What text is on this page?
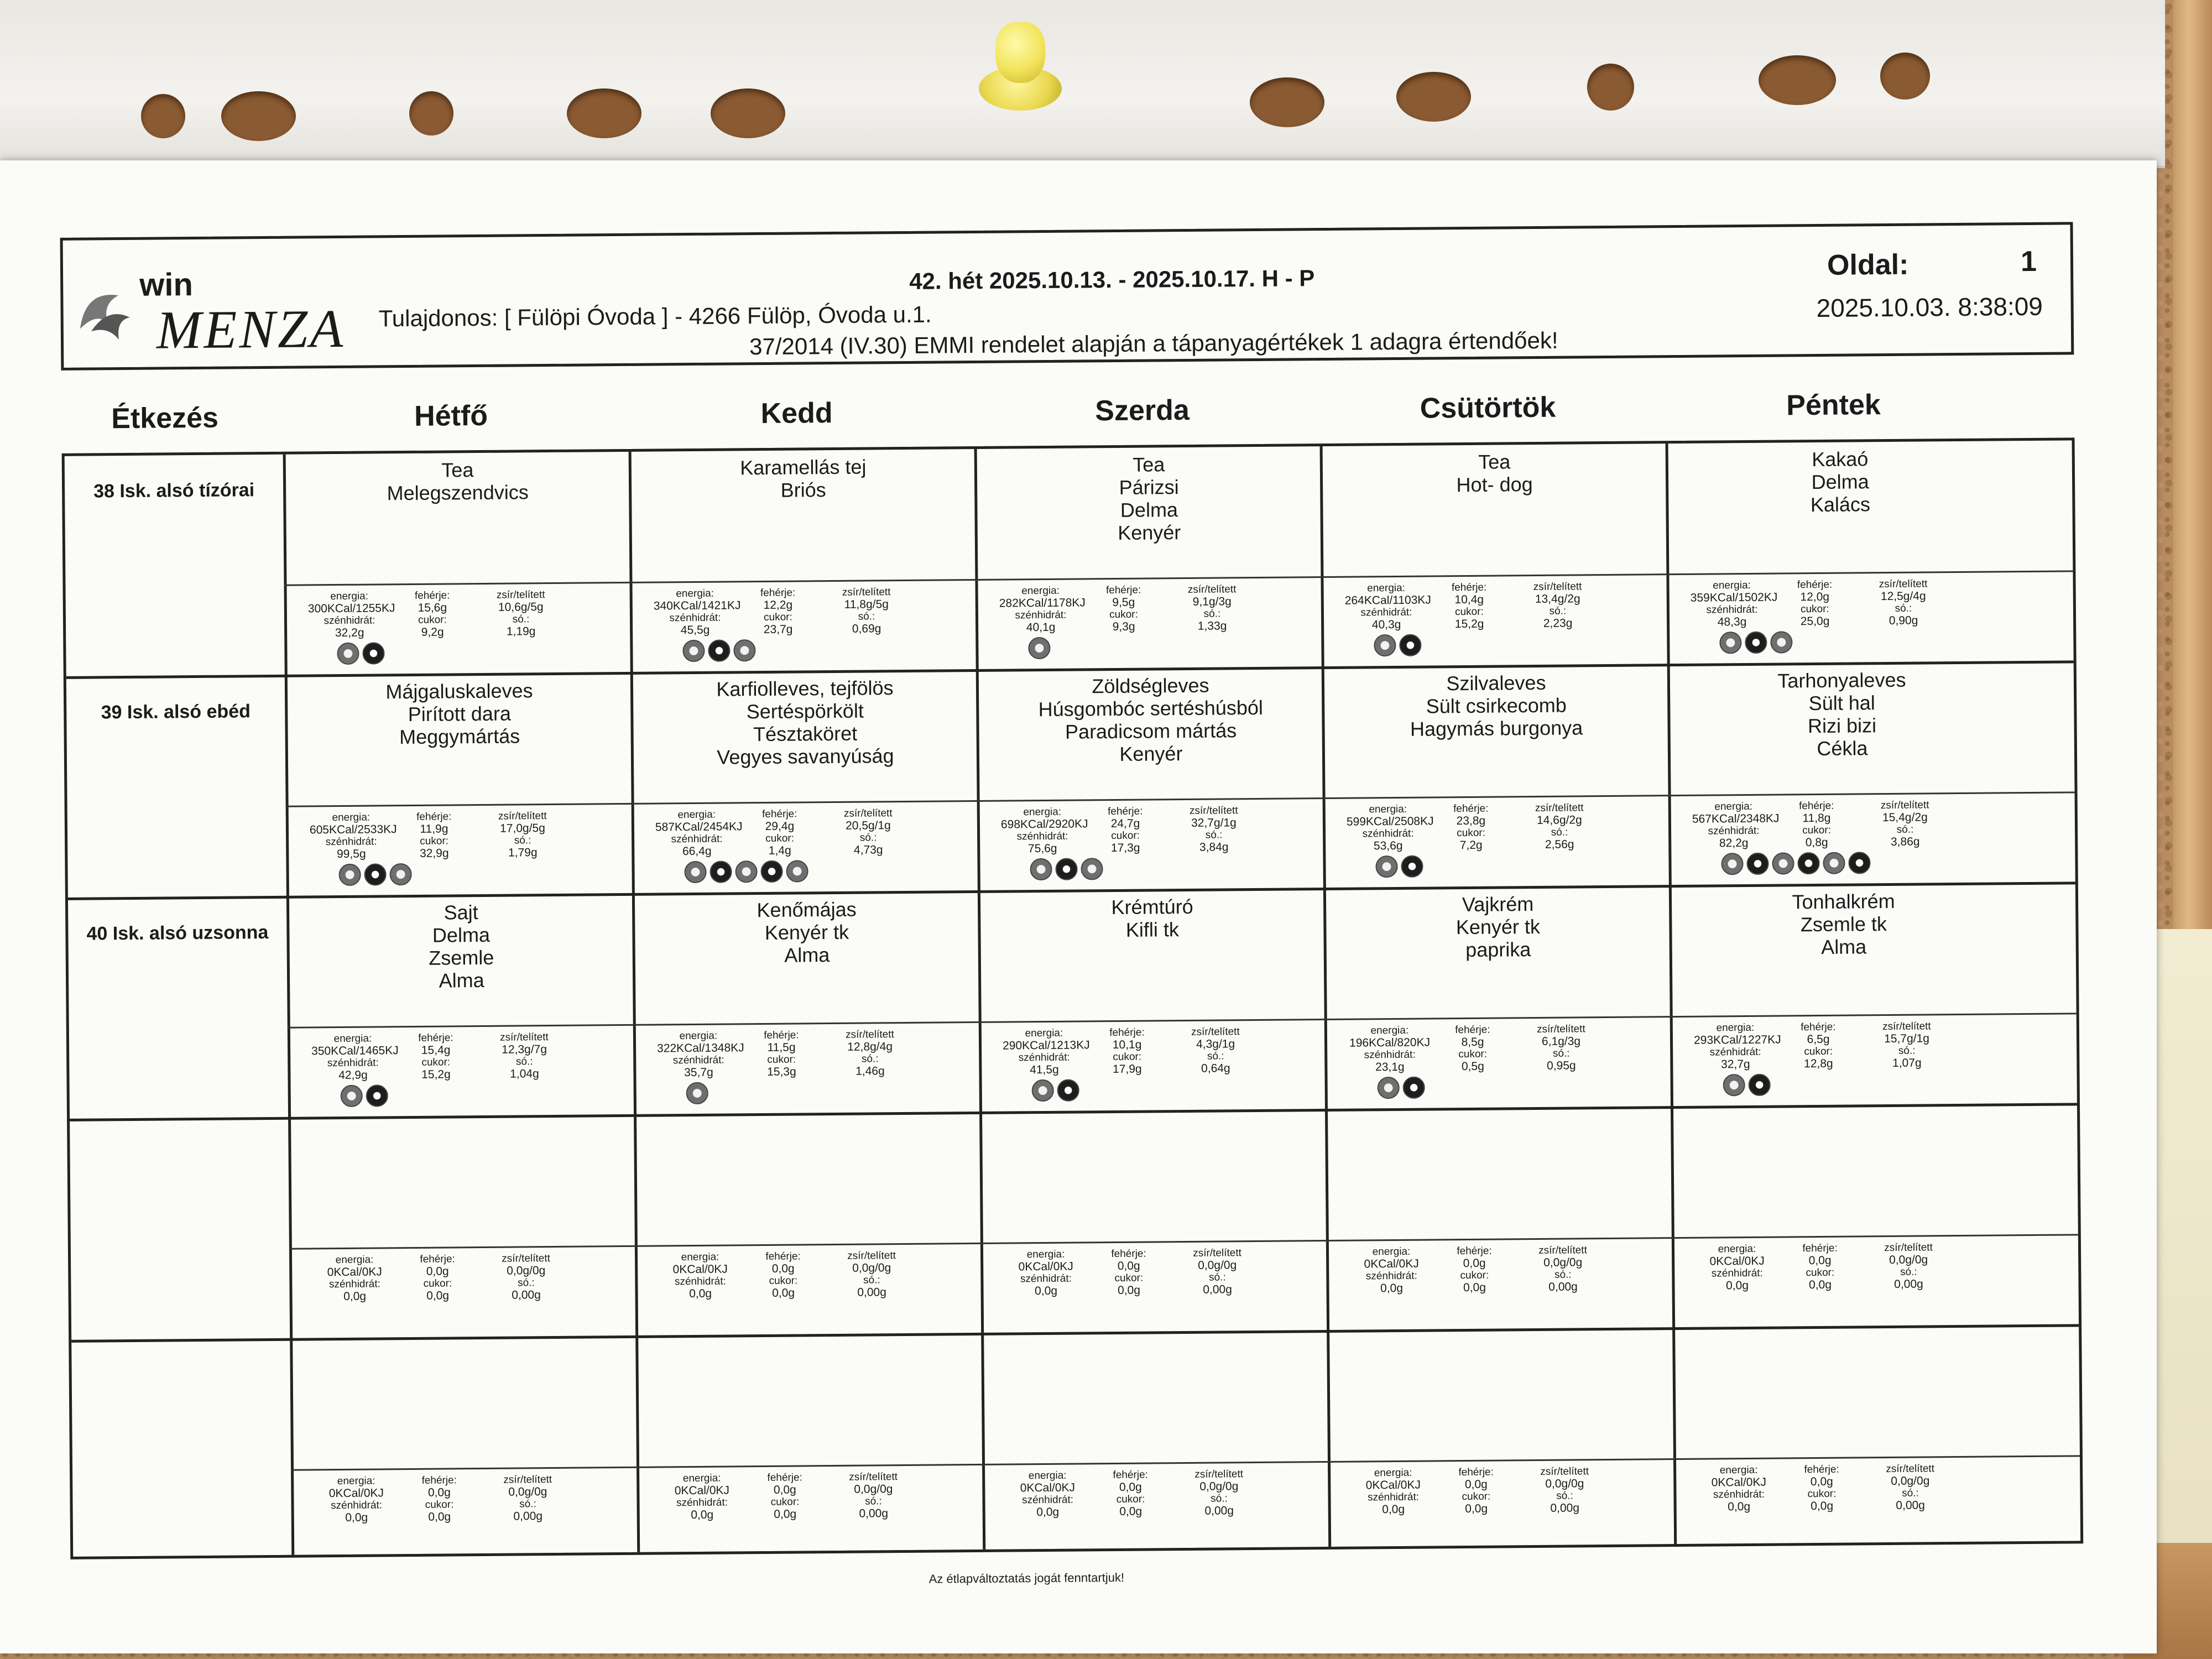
win
MENZA
42. hét 2025.10.13. - 2025.10.17. H - P
Tulajdonos: [ Fülöpi Óvoda ] - 4266 Fülöp, Óvoda u.1.
37/2014 (IV.30) EMMI rendelet alapján a tápanyagértékek 1 adagra értendőek!
Oldal:	1
2025.10.03. 8:38:09
Étkezés	Hétfő	Kedd	Szerda	Csütörtök	Péntek
38 Isk. alsó tízórai
Tea
Melegszendvics
energia:	fehérje:	zsír/telített
300KCal/1255KJ	15,6g	10,6g/5g
szénhidrát:	cukor:	só.:
32,2g	9,2g	1,19g
Karamellás tej
Briós
energia:	fehérje:	zsír/telített
340KCal/1421KJ	12,2g	11,8g/5g
szénhidrát:	cukor:	só.:
45,5g	23,7g	0,69g
Tea
Párizsi
Delma
Kenyér
energia:	fehérje:	zsír/telített
282KCal/1178KJ	9,5g	9,1g/3g
szénhidrát:	cukor:	só.:
40,1g	9,3g	1,33g
Tea
Hot- dog
energia:	fehérje:	zsír/telített
264KCal/1103KJ	10,4g	13,4g/2g
szénhidrát:	cukor:	só.:
40,3g	15,2g	2,23g
Kakaó
Delma
Kalács
energia:	fehérje:	zsír/telített
359KCal/1502KJ	12,0g	12,5g/4g
szénhidrát:	cukor:	só.:
48,3g	25,0g	0,90g
39 Isk. alsó ebéd
Májgaluskaleves
Pirított dara
Meggymártás
energia:	fehérje:	zsír/telített
605KCal/2533KJ	11,9g	17,0g/5g
szénhidrát:	cukor:	só.:
99,5g	32,9g	1,79g
Karfiolleves, tejfölös
Sertéspörkölt
Tésztaköret
Vegyes savanyúság
energia:	fehérje:	zsír/telített
587KCal/2454KJ	29,4g	20,5g/1g
szénhidrát:	cukor:	só.:
66,4g	1,4g	4,73g
Zöldségleves
Húsgombóc sertéshúsból
Paradicsom mártás
Kenyér
energia:	fehérje:	zsír/telített
698KCal/2920KJ	24,7g	32,7g/1g
szénhidrát:	cukor:	só.:
75,6g	17,3g	3,84g
Szilvaleves
Sült csirkecomb
Hagymás burgonya
energia:	fehérje:	zsír/telített
599KCal/2508KJ	23,8g	14,6g/2g
szénhidrát:	cukor:	só.:
53,6g	7,2g	2,56g
Tarhonyaleves
Sült hal
Rizi bizi
Cékla
energia:	fehérje:	zsír/telített
567KCal/2348KJ	11,8g	15,4g/2g
szénhidrát:	cukor:	só.:
82,2g	0,8g	3,86g
40 Isk. alsó uzsonna
Sajt
Delma
Zsemle
Alma
energia:	fehérje:	zsír/telített
350KCal/1465KJ	15,4g	12,3g/7g
szénhidrát:	cukor:	só.:
42,9g	15,2g	1,04g
Kenőmájas
Kenyér tk
Alma
energia:	fehérje:	zsír/telített
322KCal/1348KJ	11,5g	12,8g/4g
szénhidrát:	cukor:	só.:
35,7g	15,3g	1,46g
Krémtúró
Kifli tk
energia:	fehérje:	zsír/telített
290KCal/1213KJ	10,1g	4,3g/1g
szénhidrát:	cukor:	só.:
41,5g	17,9g	0,64g
Vajkrém
Kenyér tk
paprika
energia:	fehérje:	zsír/telített
196KCal/820KJ	8,5g	6,1g/3g
szénhidrát:	cukor:	só.:
23,1g	0,5g	0,95g
Tonhalkrém
Zsemle tk
Alma
energia:	fehérje:	zsír/telített
293KCal/1227KJ	6,5g	15,7g/1g
szénhidrát:	cukor:	só.:
32,7g	12,8g	1,07g
energia:	fehérje:	zsír/telített
0KCal/0KJ	0,0g	0,0g/0g
szénhidrát:	cukor:	só.:
0,0g	0,0g	0,00g
energia:	fehérje:	zsír/telített
0KCal/0KJ	0,0g	0,0g/0g
szénhidrát:	cukor:	só.:
0,0g	0,0g	0,00g
energia:	fehérje:	zsír/telített
0KCal/0KJ	0,0g	0,0g/0g
szénhidrát:	cukor:	só.:
0,0g	0,0g	0,00g
energia:	fehérje:	zsír/telített
0KCal/0KJ	0,0g	0,0g/0g
szénhidrát:	cukor:	só.:
0,0g	0,0g	0,00g
energia:	fehérje:	zsír/telített
0KCal/0KJ	0,0g	0,0g/0g
szénhidrát:	cukor:	só.:
0,0g	0,0g	0,00g
energia:	fehérje:	zsír/telített
0KCal/0KJ	0,0g	0,0g/0g
szénhidrát:	cukor:	só.:
0,0g	0,0g	0,00g
energia:	fehérje:	zsír/telített
0KCal/0KJ	0,0g	0,0g/0g
szénhidrát:	cukor:	só.:
0,0g	0,0g	0,00g
energia:	fehérje:	zsír/telített
0KCal/0KJ	0,0g	0,0g/0g
szénhidrát:	cukor:	só.:
0,0g	0,0g	0,00g
energia:	fehérje:	zsír/telített
0KCal/0KJ	0,0g	0,0g/0g
szénhidrát:	cukor:	só.:
0,0g	0,0g	0,00g
energia:	fehérje:	zsír/telített
0KCal/0KJ	0,0g	0,0g/0g
szénhidrát:	cukor:	só.:
0,0g	0,0g	0,00g
Az étlapváltoztatás jogát fenntartjuk!
